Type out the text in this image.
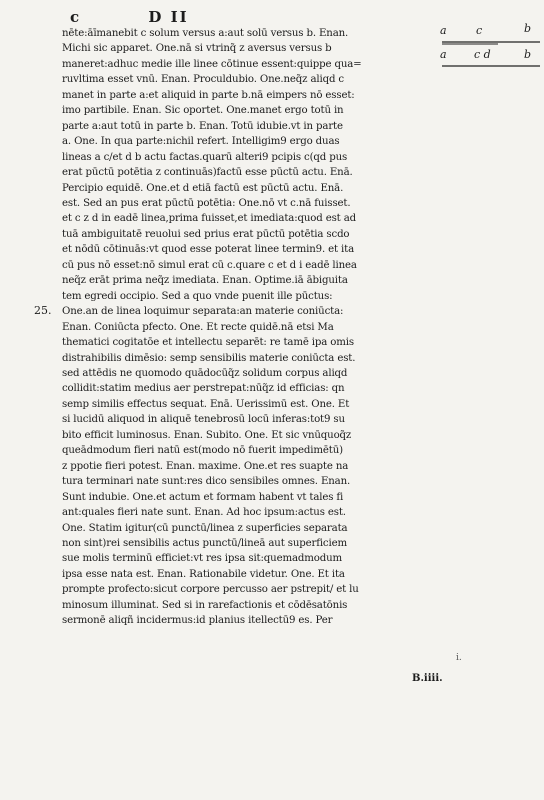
c	D II
a	c	b
a c d	b
25.
nēte:āīmanebit c solum versus a:aut solū versus b. Enan.
Michi sic apparet. One.nā si vtrinq̃ z aversus versus b
maneret:adhuc medie ille linee cōtinue essent:quippe qua=
ruvltima esset vnū. Enan. Proculdubio. One.neq̃z aliqd c
manet in parte a:et aliquid in parte b.nā eimpers nō esset:
imo partibile. Enan. Sic oportet. One.manet ergo totū in
parte a:aut totū in parte b. Enan. Totū idubie.vt in parte
a. One. In qua parte:nichil refert. Intelligim9 ergo duas
lineas a c/et d b actu factas.quarū alteri9 pcipis c(qd pus
erat pūctū potētia z continuās)factū esse pūctū actu. Enā.
Percipio equidē. One.et d etiā factū est pūctū actu. Enā.
est. Sed an pus erat pūctū potētia: One.nō vt c.nā fuisset.
et c z d in eadē linea,prima fuisset,et imediata:quod est ad
tuā ambiguitatē reuolui sed prius erat pūctū potētia scdo
et nōdū cōtinuās:vt quod esse poterat linee termin9. et ita
cū pus nō esset:nō simul erat cū c.quare c et d i eadē linea
neq̃z erāt prima neq̃z imediata. Enan. Optime.iā ābiguita
tem egredi occipio. Sed a quo vnde puenit ille pūctus:
One.an de linea loquimur separata:an materie coniūcta:
Enan. Coniūcta pfecto. One. Et recte quidē.nā etsi Ma
thematici cogitatōe et intellectu separēt: re tamē ipa omis
distrahibilis dimēsio: semp sensibilis materie coniūcta est.
sed attēdis ne quomodo quādocūq̃z solidum corpus aliqd
collidit:statim medius aer perstrepat:nūq̃z id efficias: qn
semp similis effectus sequat. Enā. Uerissimū est. One. Et
si lucidū aliquod in aliquē tenebrosū locū inferas:tot9 su
bito efficit luminosus. Enan. Subito. One. Et sic vnūquoq̃z
queādmodum fieri natū est(modo nō fuerit impedimētū)
z ppotie fieri potest. Enan. maxime. One.et res suapte na
tura terminari nate sunt:res dico sensibiles omnes. Enan.
Sunt indubie. One.et actum et formam habent vt tales fi
ant:quales fieri nate sunt. Enan. Ad hoc ipsum:actus est.
One. Statim igitur(cū punctū/linea z superficies separata
non sint)rei sensibilis actus punctū/lineā aut superficiem
sue molis terminū efficiet:vt res ipsa sit:quemadmodum
ipsa esse nata est. Enan. Rationabile videtur. One. Et ita
prompte profecto:sicut corpore percusso aer pstrepit/ et lu
minosum illuminat. Sed si in rarefactionis et cōdēsatōnis
sermonē aliqñ incidermus:id planius itellectū9 es. Per
i.
B.iiii.
